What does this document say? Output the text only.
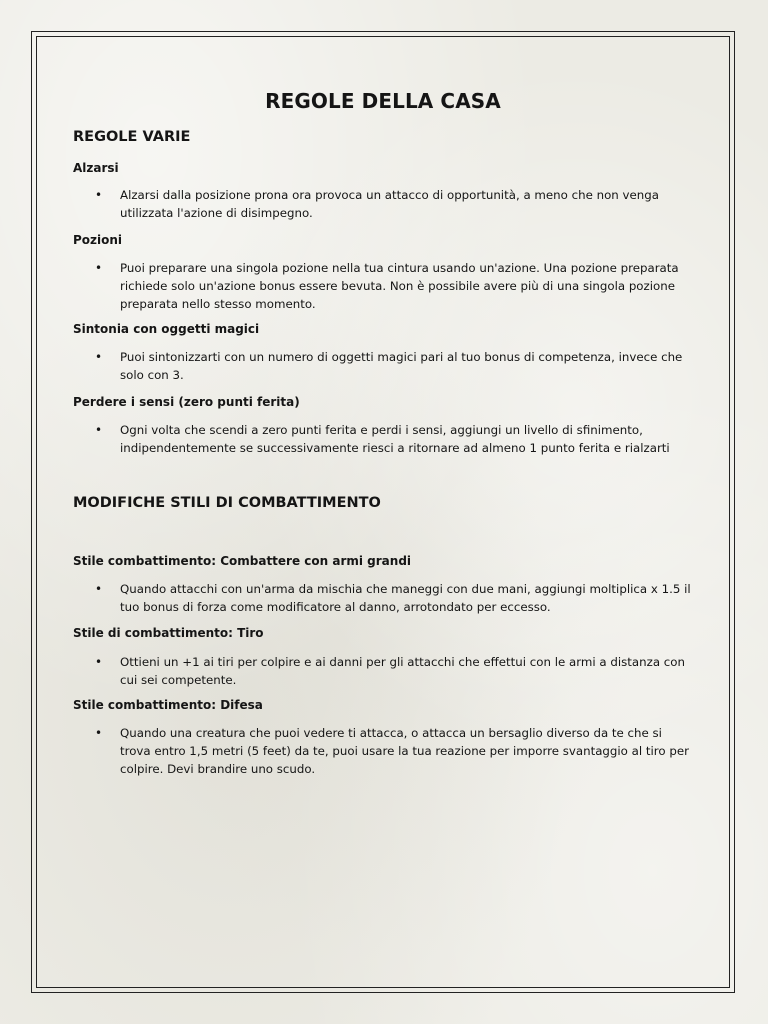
REGOLE DELLA CASA
REGOLE VARIE
Alzarsi
• Alzarsi dalla posizione prona ora provoca un attacco di opportunità, a meno che non venga utilizzata l'azione di disimpegno.
Pozioni
• Puoi preparare una singola pozione nella tua cintura usando un'azione. Una pozione preparata richiede solo un'azione bonus essere bevuta. Non è possibile avere più di una singola pozione preparata nello stesso momento.
Sintonia con oggetti magici
• Puoi sintonizzarti con un numero di oggetti magici pari al tuo bonus di competenza, invece che solo con 3.
Perdere i sensi (zero punti ferita)
• Ogni volta che scendi a zero punti ferita e perdi i sensi, aggiungi un livello di sfinimento, indipendentemente se successivamente riesci a ritornare ad almeno 1 punto ferita e rialzarti
MODIFICHE STILI DI COMBATTIMENTO
Stile combattimento: Combattere con armi grandi
• Quando attacchi con un'arma da mischia che maneggi con due mani, aggiungi moltiplica x 1.5 il tuo bonus di forza come modificatore al danno, arrotondato per eccesso.
Stile di combattimento: Tiro
• Ottieni un +1 ai tiri per colpire e ai danni per gli attacchi che effettui con le armi a distanza con cui sei competente.
Stile combattimento: Difesa
• Quando una creatura che puoi vedere ti attacca, o attacca un bersaglio diverso da te che si trova entro 1,5 metri (5 feet) da te, puoi usare la tua reazione per imporre svantaggio al tiro per colpire. Devi brandire uno scudo.
